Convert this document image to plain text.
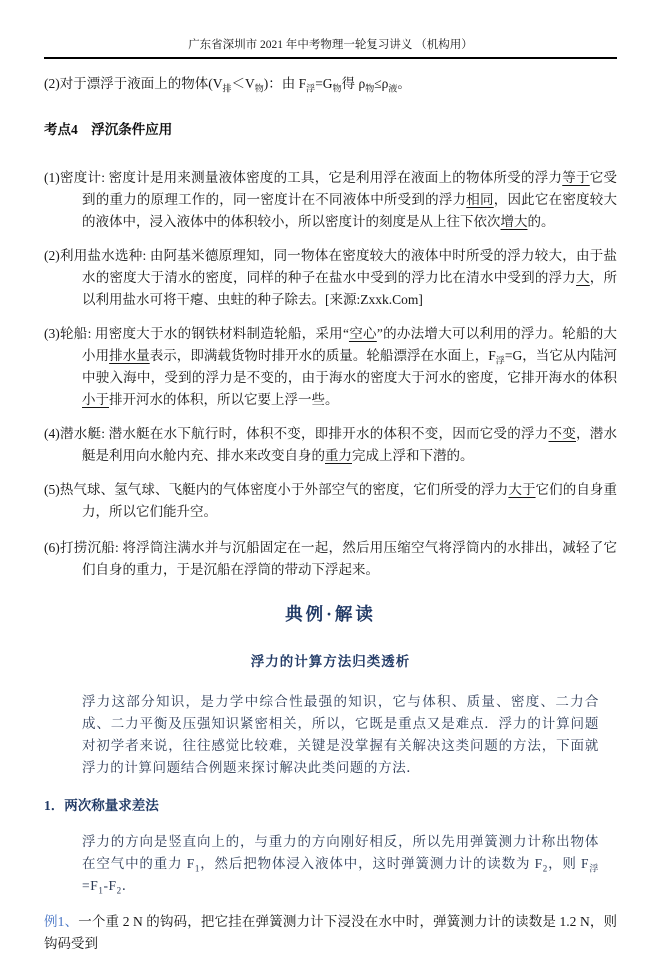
广东省深圳市 2021 年中考物理一轮复习讲义 （机构用）
(2)对于漂浮于液面上的物体$(V_排<V_物)$：由 $F_浮=G_物$得 $\rho_物\le\rho_液$。
考点4　浮沉条件应用
(1)密度计: 密度计是用来测量液体密度的工具，它是利用浮在液面上的物体所受的浮力等于它受到的重力的原理工作的，同一密度计在不同液体中所受到的浮力相同，因此它在密度较大的液体中，浸入液体中的体积较小，所以密度计的刻度是从上往下依次增大的。
(2)利用盐水选种: 由阿基米德原理知，同一物体在密度较大的液体中时所受的浮力较大，由于盐水的密度大于清水的密度，同样的种子在盐水中受到的浮力比在清水中受到的浮力大，所以利用盐水可将干瘪、虫蛀的种子除去。[来源:Zxxk.Com]
(3)轮船: 用密度大于水的钢铁材料制造轮船，采用“空心”的办法增大可以利用的浮力。轮船的大小用排水量表示，即满载货物时排开水的质量。轮船漂浮在水面上，$F_浮=G$，当它从内陆河中驶入海中，受到的浮力是不变的，由于海水的密度大于河水的密度，它排开海水的体积小于排开河水的体积，所以它要上浮一些。
(4)潜水艇: 潜水艇在水下航行时，体积不变，即排开水的体积不变，因而它受的浮力不变，潜水艇是利用向水舱内充、排水来改变自身的重力完成上浮和下潜的。
(5)热气球、氢气球、飞艇内的气体密度小于外部空气的密度，它们所受的浮力大于它们的自身重力，所以它们能升空。
(6)打捞沉船: 将浮筒注满水并与沉船固定在一起，然后用压缩空气将浮筒内的水排出，减轻了它们自身的重力，于是沉船在浮筒的带动下浮起来。
典例·解读
浮力的计算方法归类透析
浮力这部分知识，是力学中综合性最强的知识，它与体积、质量、密度、二力合成、二力平衡及压强知识紧密相关，所以，它既是重点又是难点．浮力的计算问题对初学者来说，往往感觉比较难，关键是没掌握有关解决这类问题的方法，下面就浮力的计算问题结合例题来探讨解决此类问题的方法．
1．两次称量求差法
浮力的方向是竖直向上的，与重力的方向刚好相反，所以先用弹簧测力计称出物体在空气中的重力 $F_1$，然后把物体浸入液体中，这时弹簧测力计的读数为 $F_2$，则 $F_浮=F_1-F_2$．
例1、一个重 2 N 的钩码，把它挂在弹簧测力计下浸没在水中时，弹簧测力计的读数是 1.2 N，则钩码受到
